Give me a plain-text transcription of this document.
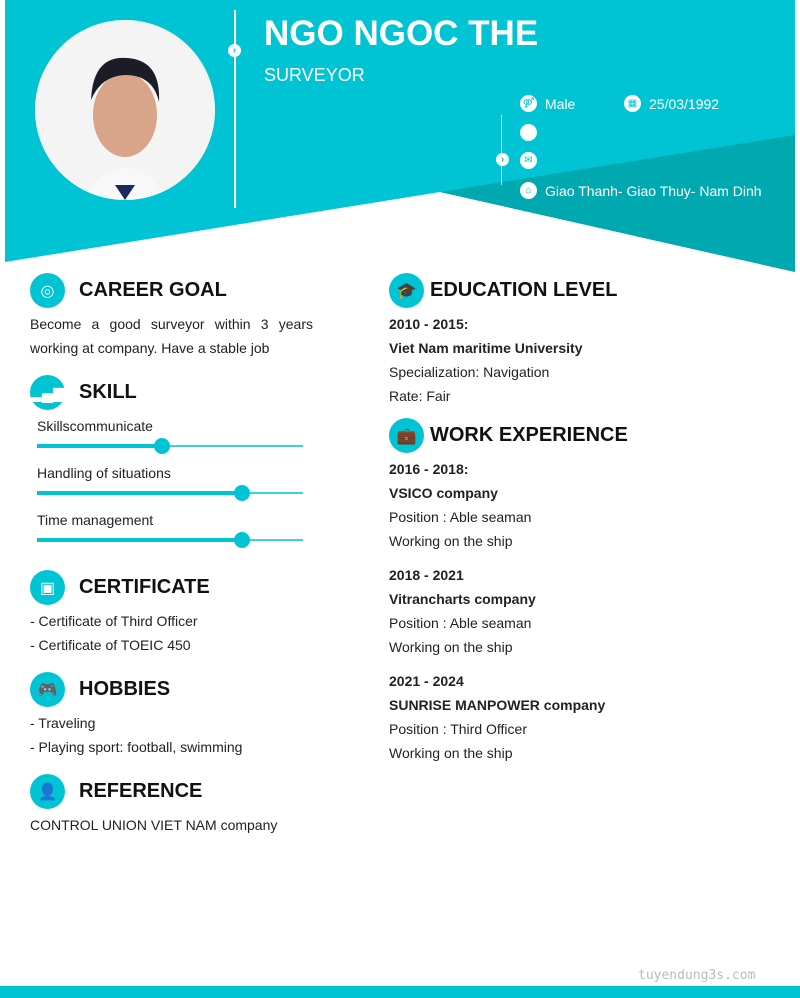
› NGO NGOC THE
SURVEYOR
›
⚤ Male	▦ 25/03/1992
✉
⌂ Giao Thanh- Giao Thuy- Nam Dinh
◎	CAREER GOAL
Become a good surveyor within 3 years working at company. Have a stable job
▂▄▆ SKILL
Skillscommunicate
Handling of situations
Time management
▣	CERTIFICATE
- Certificate of Third Officer
- Certificate of TOEIC 450
🎮	HOBBIES
- Traveling
- Playing sport: football, swimming
👤	REFERENCE
CONTROL UNION VIET NAM company
🎓 EDUCATION LEVEL
2010 - 2015:
Viet Nam maritime University
Specialization: Navigation
Rate: Fair
💼 WORK EXPERIENCE
2016 - 2018:
VSICO company
Position : Able seaman
Working on the ship
2018 - 2021
Vitrancharts company
Position : Able seaman
Working on the ship
2021 - 2024
SUNRISE MANPOWER company
Position : Third Officer
Working on the ship
tuyendung3s.com
